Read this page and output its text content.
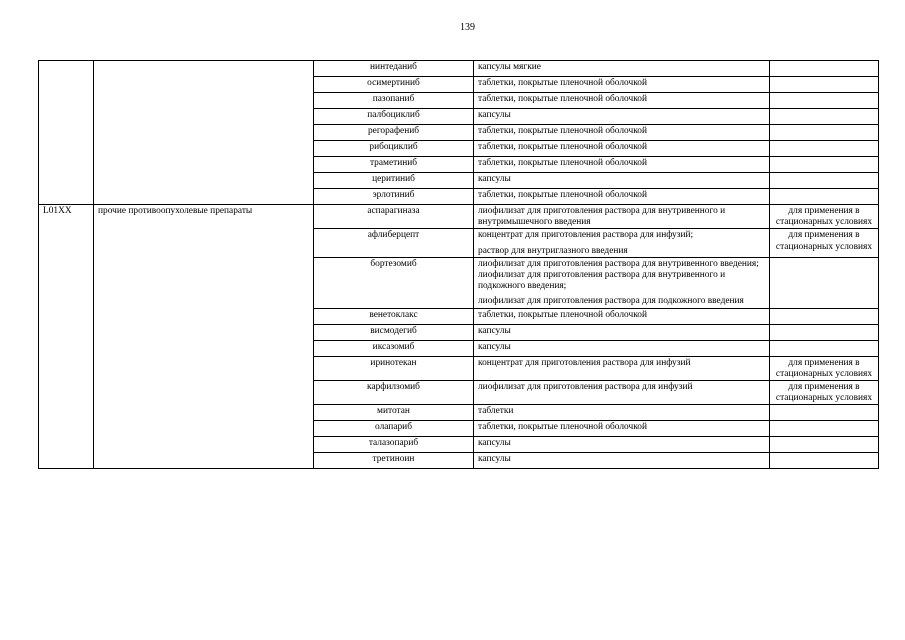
139
		нинтеданиб	капсулы мягкие	

		осимертиниб	таблетки, покрытые пленочной оболочкой	

		пазопаниб	таблетки, покрытые пленочной оболочкой	

		палбоциклиб	капсулы	

		регорафениб	таблетки, покрытые пленочной оболочкой	

		рибоциклиб	таблетки, покрытые пленочной оболочкой	

		траметиниб	таблетки, покрытые пленочной оболочкой	

		церитиниб	капсулы	

		эрлотиниб	таблетки, покрытые пленочной оболочкой	

L01XX	прочие противоопухолевые препараты	аспарагиназа	лиофилизат для приготовления раствора для внутривенного и внутримышечного введения	для применения в стационарных условиях
		афлиберцепт	концентрат для приготовления раствора для инфузий;
раствор для внутриглазного введения	для применения в стационарных условиях
		бортезомиб	лиофилизат для приготовления раствора для внутривенного введения;
лиофилизат для приготовления раствора для внутривенного и подкожного введения;
лиофилизат для приготовления раствора для подкожного введения	

		венетоклакс	таблетки, покрытые пленочной оболочкой	

		висмодегиб	капсулы	

		иксазомиб	капсулы	

		иринотекан	концентрат для приготовления раствора для инфузий	для применения в стационарных условиях
		карфилзомиб	лиофилизат для приготовления раствора для инфузий	для применения в стационарных условиях
		митотан	таблетки	

		олапариб	таблетки, покрытые пленочной оболочкой	

		талазопариб	капсулы	

		третиноин	капсулы	
